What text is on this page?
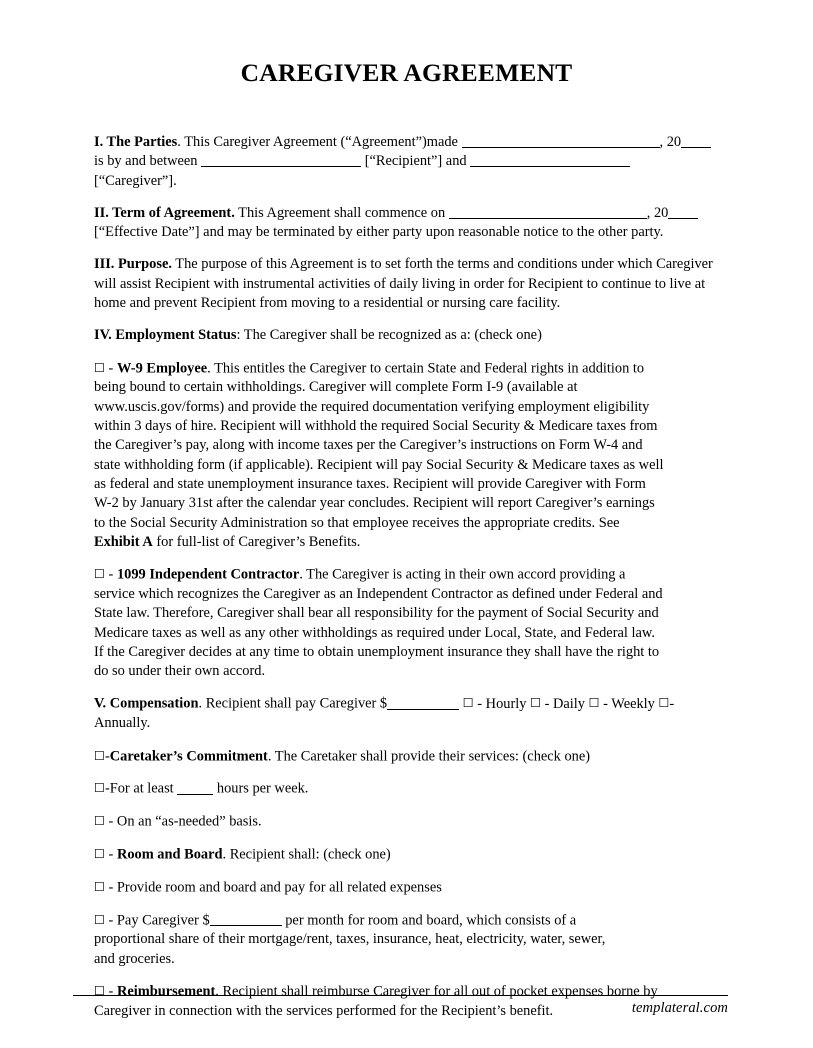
CAREGIVER AGREEMENT

I. The Parties. This Caregiver Agreement (“Agreement”)made	, 20 is by and between	[“Recipient”] and  [“Caregiver”].

II. Term of Agreement. This Agreement shall commence on	, 20 [“Effective Date”] and may be terminated by either party upon reasonable notice to the other party.

III. Purpose. The purpose of this Agreement is to set forth the terms and conditions under which Caregiver will assist Recipient with instrumental activities of daily living in order for Recipient to continue to live at home and prevent Recipient from moving to a residential or nursing care facility.

IV. Employment Status: The Caregiver shall be recognized as a: (check one)

☐ - W-9 Employee. This entitles the Caregiver to certain State and Federal rights in addition to being bound to certain withholdings. Caregiver will complete Form I-9 (available at www.uscis.gov/forms) and provide the required documentation verifying employment eligibility within 3 days of hire. Recipient will withhold the required Social Security & Medicare taxes from the Caregiver’s pay, along with income taxes per the Caregiver’s instructions on Form W-4 and state withholding form (if applicable). Recipient will pay Social Security & Medicare taxes as well as federal and state unemployment insurance taxes. Recipient will provide Caregiver with Form W-2 by January 31st after the calendar year concludes. Recipient will report Caregiver’s earnings to the Social Security Administration so that employee receives the appropriate credits. See Exhibit A for full-list of Caregiver’s Benefits.

☐ - 1099 Independent Contractor. The Caregiver is acting in their own accord providing a service which recognizes the Caregiver as an Independent Contractor as defined under Federal and State law. Therefore, Caregiver shall bear all responsibility for the payment of Social Security and Medicare taxes as well as any other withholdings as required under Local, State, and Federal law. If the Caregiver decides at any time to obtain unemployment insurance they shall have the right to do so under their own accord.

V. Compensation. Recipient shall pay Caregiver $	☐ - Hourly ☐ - Daily ☐ - Weekly ☐- Annually.

☐-Caretaker’s Commitment. The Caretaker shall provide their services: (check one)

☐-For at least	hours per week.

☐ - On an “as-needed” basis.

☐ - Room and Board. Recipient shall: (check one)

☐ - Provide room and board and pay for all related expenses

☐ - Pay Caregiver $	per month for room and board, which consists of a proportional share of their mortgage/rent, taxes, insurance, heat, electricity, water, sewer, and groceries.

☐ - Reimbursement. Recipient shall reimburse Caregiver for all out of pocket expenses borne by Caregiver in connection with the services performed for the Recipient’s benefit.	templateral.com
